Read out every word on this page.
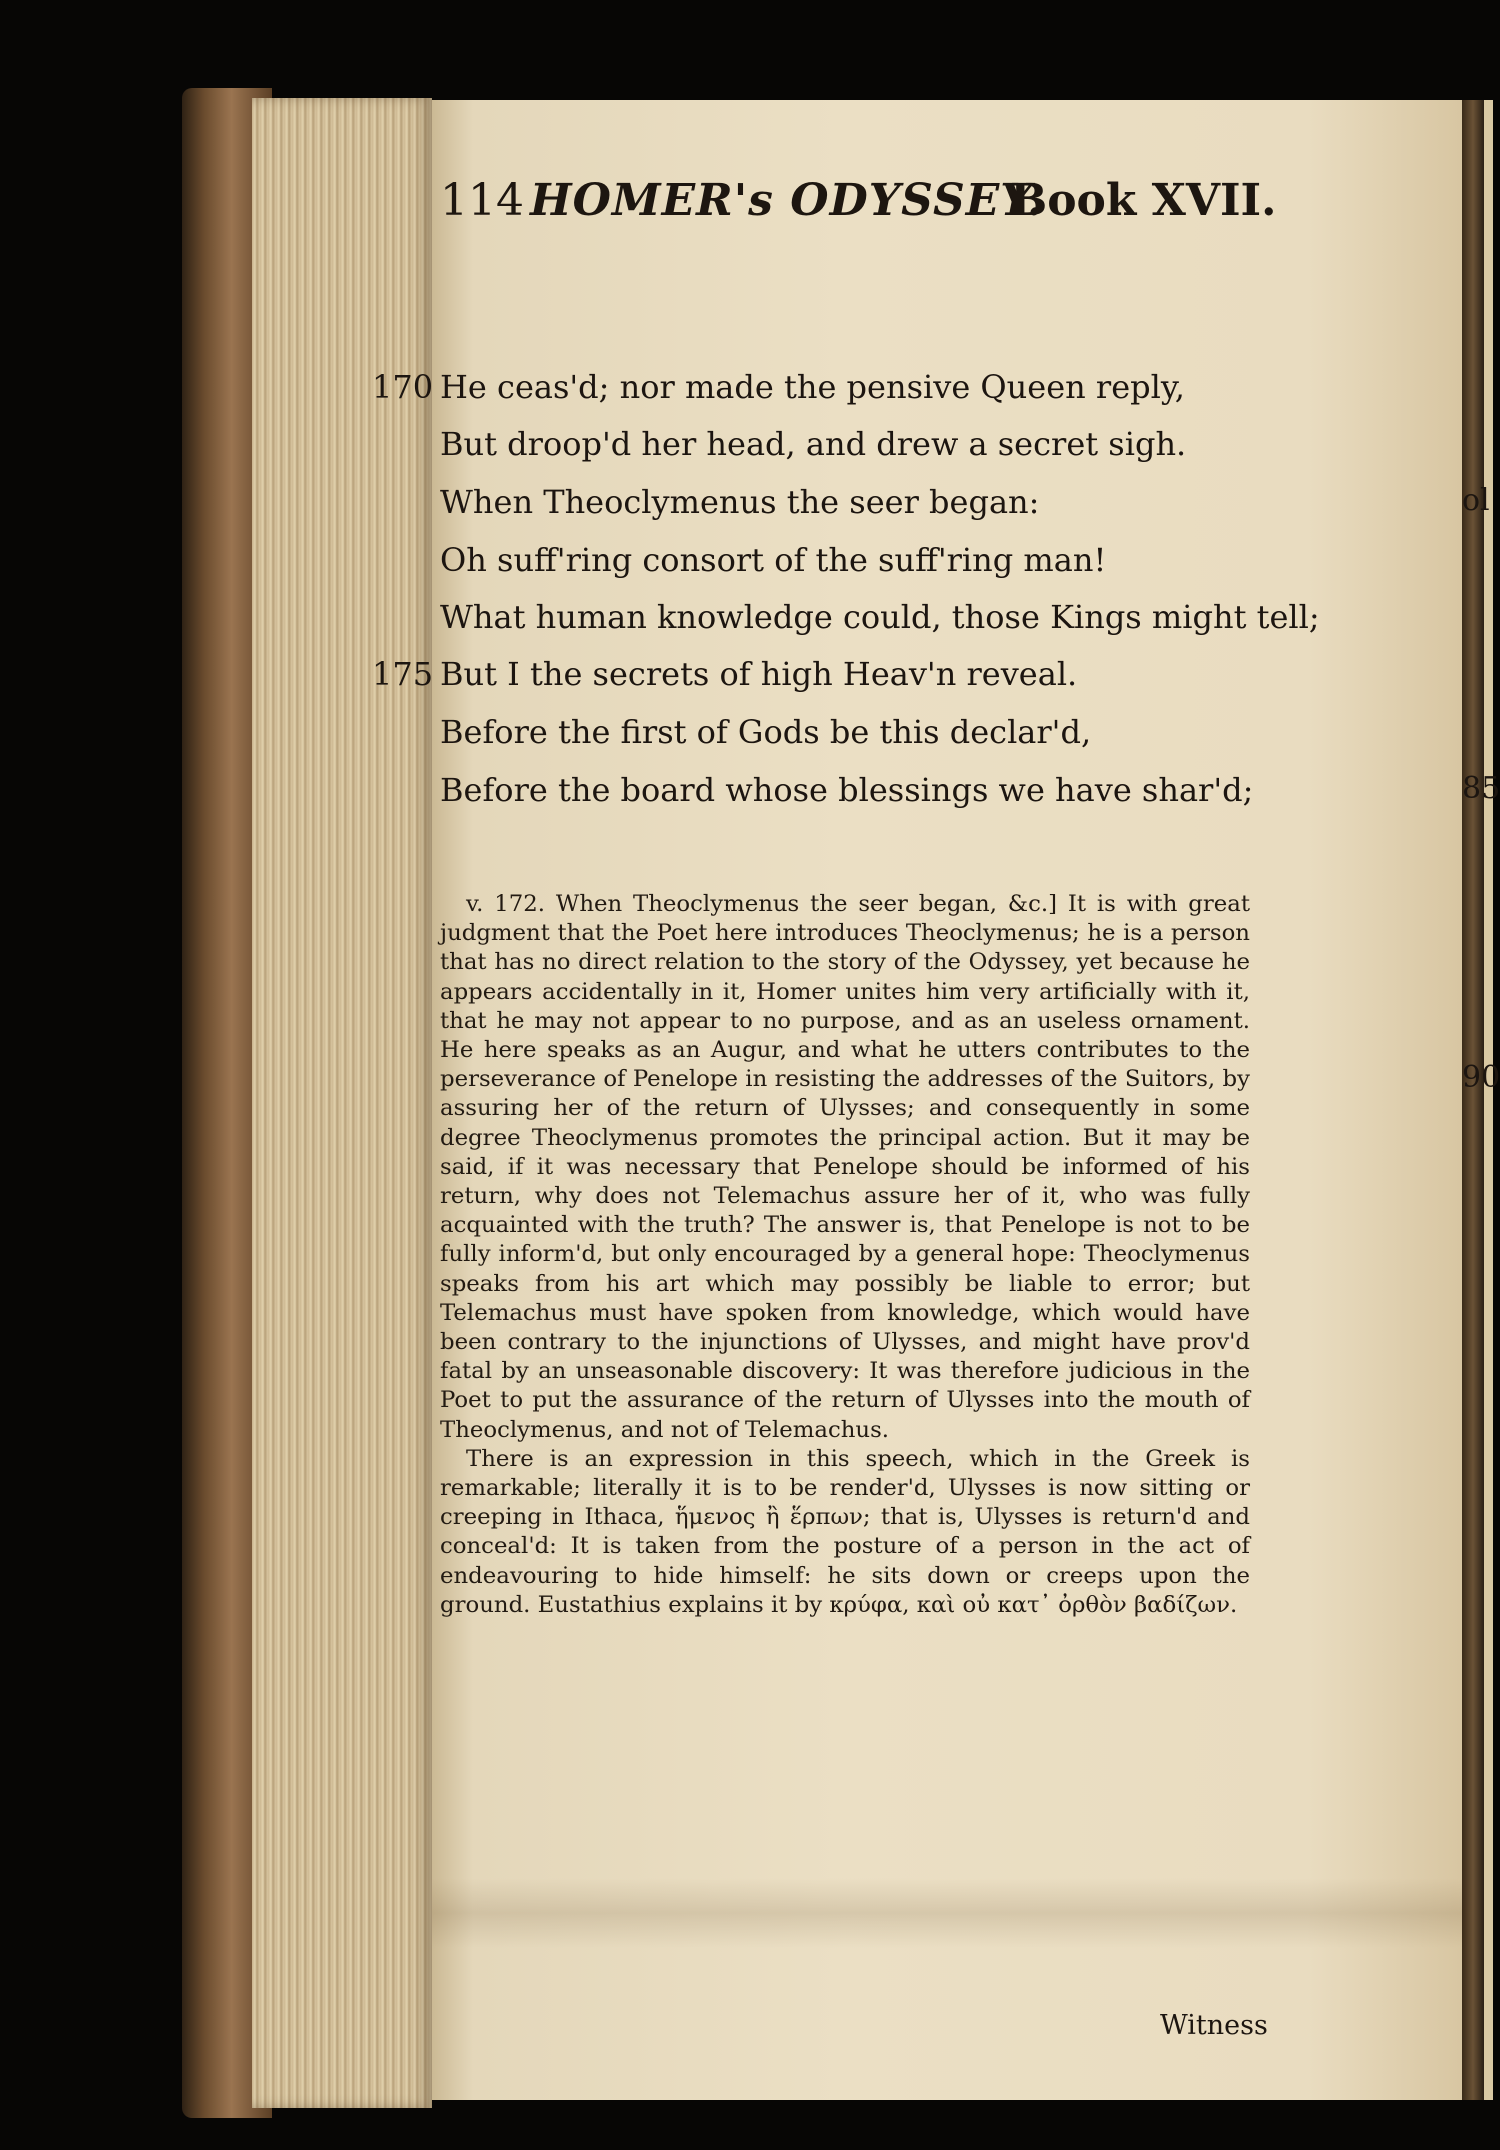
114 HOMER's ODYSSEY.
Book XVII.
170 He ceas'd; nor made the pensive Queen reply,
But droop'd her head, and drew a secret sigh.
When Theoclymenus the seer began:
Oh suff'ring consort of the suff'ring man!
What human knowledge could, those Kings might tell;
175 But I the secrets of high Heav'n reveal.
Before the first of Gods be this declar'd,
Before the board whose blessings we have shar'd;

v. 172. When Theoclymenus the seer began, &c.] It is with great judgment that the Poet here introduces Theoclymenus; he is a person that has no direct relation to the story of the Odyssey, yet because he appears accidentally in it, Homer unites him very artificially with it, that he may not appear to no purpose, and as an useless ornament. He here speaks as an Augur, and what he utters contributes to the perseverance of Penelope in resisting the addresses of the Suitors, by assuring her of the return of Ulysses; and consequently in some degree Theoclymenus promotes the principal action. But it may be said, if it was necessary that Penelope should be informed of his return, why does not Telemachus assure her of it, who was fully acquainted with the truth? The answer is, that Penelope is not to be fully inform'd, but only encouraged by a general hope: Theoclymenus speaks from his art which may possibly be liable to error; but Telemachus must have spoken from knowledge, which would have been contrary to the injunctions of Ulysses, and might have prov'd fatal by an unseasonable discovery: It was therefore judicious in the Poet to put the assurance of the return of Ulysses into the mouth of Theoclymenus, and not of Telemachus.

There is an expression in this speech, which in the Greek is remarkable; literally it is to be render'd, Ulysses is now sitting or creeping in Ithaca, ἥμενος ἢ ἕρπων; that is, Ulysses is return'd and conceal'd: It is taken from the posture of a person in the act of endeavouring to hide himself: he sits down or creeps upon the ground. Eustathius explains it by κρύφα, καὶ οὐ κατ᾽ ὀρθὸν βαδίζων.

Witness
ol
85
90
